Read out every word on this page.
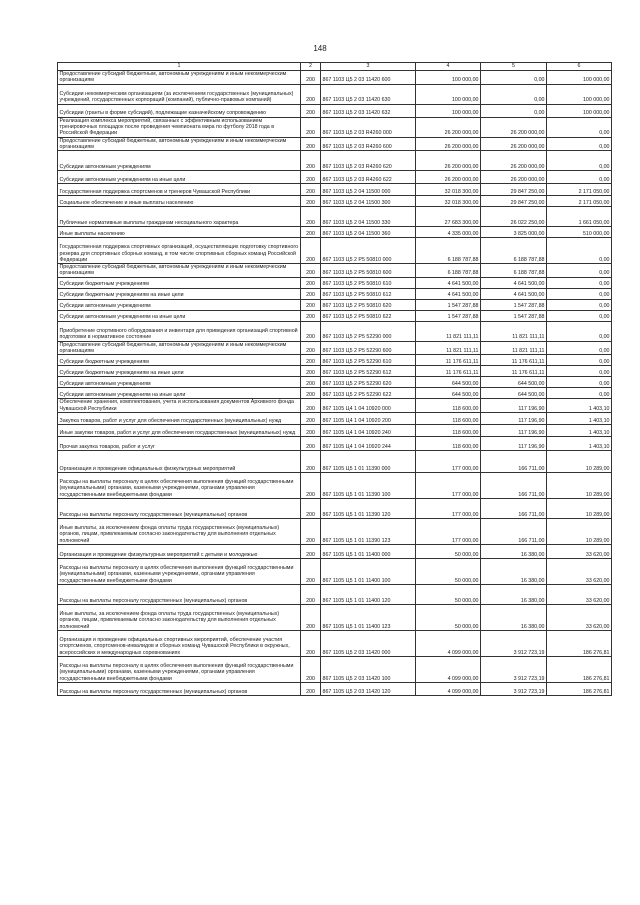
148
1	2	3	4	5	6
Предоставление субсидий бюджетным, автономным учреждениям и иным некоммерческим организациям	200	867 1103 Ц5 2 03 11420 600	100 000,00	0,00	100 000,00
Субсидии некоммерческим организациям (за исключением государственных (муниципальных) учреждений, государственных корпораций (компаний), публично-правовых компаний)	200	867 1103 Ц5 2 03 11420 630	100 000,00	0,00	100 000,00
Субсидии (гранты в форме субсидий), подлежащие казначейскому сопровождению	200	867 1103 Ц5 2 03 11420 632	100 000,00	0,00	100 000,00
Реализация комплекса мероприятий, связанных с эффективным использованием тренировочных площадок после проведения чемпионата мира по футболу 2018 года в Российской Федерации	200	867 1103 Ц5 2 03 R4260 000	26 200 000,00	26 200 000,00	0,00
Предоставление субсидий бюджетным, автономным учреждениям и иным некоммерческим организациям	200	867 1103 Ц5 2 03 R4260 600	26 200 000,00	26 200 000,00	0,00
Субсидии автономным учреждениям	200	867 1103 Ц5 2 03 R4260 620	26 200 000,00	26 200 000,00	0,00
Субсидии автономным учреждениям на иные цели	200	867 1103 Ц5 2 03 R4260 622	26 200 000,00	26 200 000,00	0,00
Государственная поддержка спортсменов и тренеров Чувашской Республики	200	867 1103 Ц5 2 04 11500 000	32 018 300,00	29 847 250,00	2 171 050,00
Социальное обеспечение и иные выплаты населению	200	867 1103 Ц5 2 04 11500 300	32 018 300,00	29 847 250,00	2 171 050,00
Публичные нормативные выплаты гражданам несоциального характера	200	867 1103 Ц5 2 04 11500 330	27 683 300,00	26 022 250,00	1 661 050,00
Иные выплаты населению	200	867 1103 Ц5 2 04 11500 360	4 335 000,00	3 825 000,00	510 000,00
Государственная поддержка спортивных организаций, осуществляющих подготовку спортивного резерва для спортивных сборных команд, в том числе спортивных сборных команд Российской Федерации	200	867 1103 Ц5 2 P5 50810 000	6 188 787,88	6 188 787,88	0,00
Предоставление субсидий бюджетным, автономным учреждениям и иным некоммерческим организациям	200	867 1103 Ц5 2 P5 50810 600	6 188 787,88	6 188 787,88	0,00
Субсидии бюджетным учреждениям	200	867 1103 Ц5 2 P5 50810 610	4 641 500,00	4 641 500,00	0,00
Субсидии бюджетным учреждениям на иные цели	200	867 1103 Ц5 2 P5 50810 612	4 641 500,00	4 641 500,00	0,00
Субсидии автономным учреждениям	200	867 1103 Ц5 2 P5 50810 620	1 547 287,88	1 547 287,88	0,00
Субсидии автономным учреждениям на иные цели	200	867 1103 Ц5 2 P5 50810 622	1 547 287,88	1 547 287,88	0,00
Приобретение спортивного оборудования и инвентаря для приведения организаций спортивной подготовки в нормативное состояние	200	867 1103 Ц5 2 P5 52290 000	11 821 111,11	11 821 111,11	0,00
Предоставление субсидий бюджетным, автономным учреждениям и иным некоммерческим организациям	200	867 1103 Ц5 2 P5 52290 600	11 821 111,11	11 821 111,11	0,00
Субсидии бюджетным учреждениям	200	867 1103 Ц5 2 P5 52290 610	11 176 611,11	11 176 611,11	0,00
Субсидии бюджетным учреждениям на иные цели	200	867 1103 Ц5 2 P5 52290 612	11 176 611,11	11 176 611,11	0,00
Субсидии автономным учреждениям	200	867 1103 Ц5 2 P5 52290 620	644 500,00	644 500,00	0,00
Субсидии автономным учреждениям на иные цели	200	867 1103 Ц5 2 P5 52290 622	644 500,00	644 500,00	0,00
Обеспечение хранения, комплектования, учета и использования документов Архивного фонда Чувашской Республики	200	867 1105 Ц4 1 04 10920 000	118 600,00	117 196,90	1 403,10
Закупка товаров, работ и услуг для обеспечения государственных (муниципальных) нужд	200	867 1105 Ц4 1 04 10920 200	118 600,00	117 196,90	1 403,10
Иные закупки товаров, работ и услуг для обеспечения государственных (муниципальных) нужд	200	867 1105 Ц4 1 04 10920 240	118 600,00	117 196,90	1 403,10
Прочая закупка товаров, работ и услуг	200	867 1105 Ц4 1 04 10920 244	118 600,00	117 196,90	1 403,10
Организация и проведение официальных физкультурных мероприятий	200	867 1105 Ц5 1 01 11390 000	177 000,00	166 711,00	10 289,00
Расходы на выплаты персоналу в целях обеспечения выполнения функций государственными (муниципальными) органами, казенными учреждениями, органами управления государственными внебюджетными фондами	200	867 1105 Ц5 1 01 11390 100	177 000,00	166 711,00	10 289,00
Расходы на выплаты персоналу государственных (муниципальных) органов	200	867 1105 Ц5 1 01 11390 120	177 000,00	166 711,00	10 289,00
Иные выплаты, за исключением фонда оплаты труда государственных (муниципальных) органов, лицам, привлекаемым согласно законодательству для выполнения отдельных полномочий	200	867 1105 Ц5 1 01 11390 123	177 000,00	166 711,00	10 289,00
Организация и проведение физкультурных мероприятий с детьми и молодежью	200	867 1105 Ц5 1 01 11400 000	50 000,00	16 380,00	33 620,00
Расходы на выплаты персоналу в целях обеспечения выполнения функций государственными (муниципальными) органами, казенными учреждениями, органами управления государственными внебюджетными фондами	200	867 1105 Ц5 1 01 11400 100	50 000,00	16 380,00	33 620,00
Расходы на выплаты персоналу государственных (муниципальных) органов	200	867 1105 Ц5 1 01 11400 120	50 000,00	16 380,00	33 620,00
Иные выплаты, за исключением фонда оплаты труда государственных (муниципальных) органов, лицам, привлекаемым согласно законодательству для выполнения отдельных полномочий	200	867 1105 Ц5 1 01 11400 123	50 000,00	16 380,00	33 620,00
Организация и проведение официальных спортивных мероприятий, обеспечение участия спортсменов, спортсменов-инвалидов и сборных команд Чувашской Республики в окружных, всероссийских и международных соревнованиях	200	867 1105 Ц5 2 03 11420 000	4 099 000,00	3 912 723,19	186 276,81
Расходы на выплаты персоналу в целях обеспечения выполнения функций государственными (муниципальными) органами, казенными учреждениями, органами управления государственными внебюджетными фондами	200	867 1105 Ц5 2 03 11420 100	4 099 000,00	3 912 723,19	186 276,81
Расходы на выплаты персоналу государственных (муниципальных) органов	200	867 1105 Ц5 2 03 11420 120	4 099 000,00	3 912 723,19	186 276,81
